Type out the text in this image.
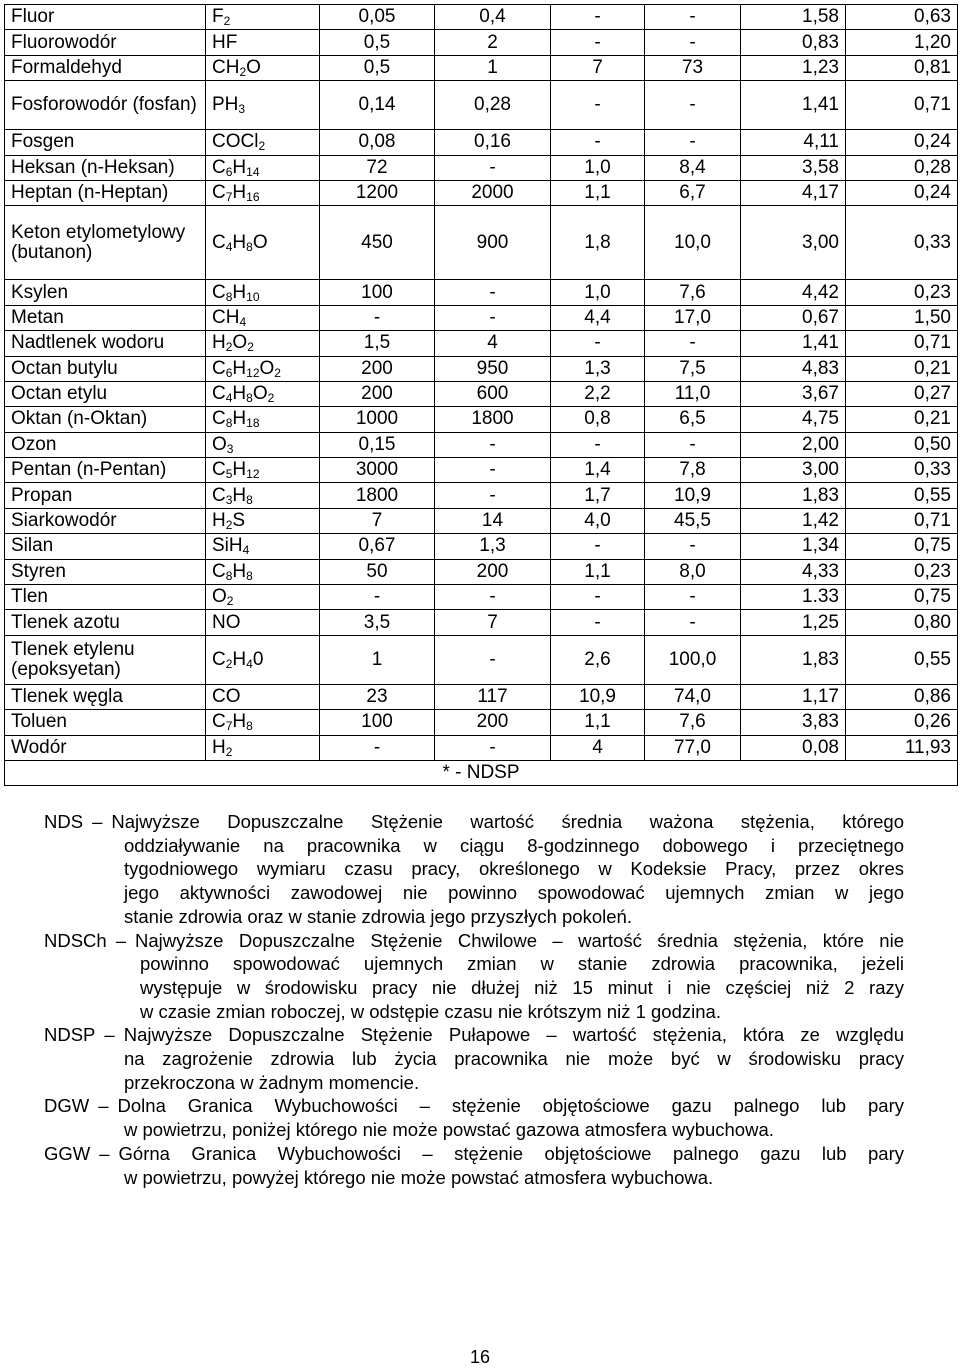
Fluor	$F_2$	0,05	0,4	-	-	1,58	0,63
Fluorowodór	HF	0,5	2	-	-	0,83	1,20
Formaldehyd	$CH_2O$	0,5	1	7	73	1,23	0,81
Fosforowodór (fosfan)	$PH_3$	0,14	0,28	-	-	1,41	0,71
Fosgen	COCl$_2$	0,08	0,16	-	-	4,11	0,24
Heksan (n-Heksan)	$C_6H_{14}$	72	-	1,0	8,4	3,58	0,28
Heptan (n-Heptan)	$C_7H_{16}$	1200	2000	1,1	6,7	4,17	0,24
Keton etylometylowy (butanon)	$C_4H_8O$	450	900	1,8	10,0	3,00	0,33
Ksylen	$C_8H_{10}$	100	-	1,0	7,6	4,42	0,23
Metan	$CH_4$	-	-	4,4	17,0	0,67	1,50
Nadtlenek wodoru	$H_2O_2$	1,5	4	-	-	1,41	0,71
Octan butylu	$C_6H_{12}O_2$	200	950	1,3	7,5	4,83	0,21
Octan etylu	$C_4H_8O_2$	200	600	2,2	11,0	3,67	0,27
Oktan (n-Oktan)	$C_8H_{18}$	1000	1800	0,8	6,5	4,75	0,21
Ozon	$O_3$	0,15	-	-	-	2,00	0,50
Pentan (n-Pentan)	$C_5H_{12}$	3000	-	1,4	7,8	3,00	0,33
Propan	$C_3H_8$	1800	-	1,7	10,9	1,83	0,55
Siarkowodór	$H_2S$	7	14	4,0	45,5	1,42	0,71
Silan	SiH$_4$	0,67	1,3	-	-	1,34	0,75
Styren	$C_8H_8$	50	200	1,1	8,0	4,33	0,23
Tlen	$O_2$	-	-	-	-	1.33	0,75
Tlenek azotu	NO	3,5	7	-	-	1,25	0,80
Tlenek etylenu (epoksyetan)	$C_2H_40$	1	-	2,6	100,0	1,83	0,55
Tlenek węgla	CO	23	117	10,9	74,0	1,17	0,86
Toluen	$C_7H_8$	100	200	1,1	7,6	3,83	0,26
Wodór	$H_2$	-	-	4	77,0	0,08	11,93
* - NDSP							
NDS – Najwyższe Dopuszczalne Stężenie wartość średnia ważona stężenia, którego
oddziaływanie na pracownika w ciągu 8-godzinnego dobowego i przeciętnego
tygodniowego wymiaru czasu pracy, określonego w Kodeksie Pracy, przez okres
jego aktywności zawodowej nie powinno spowodować ujemnych zmian w jego
stanie zdrowia oraz w stanie zdrowia jego przyszłych pokoleń.
NDSCh – Najwyższe Dopuszczalne Stężenie Chwilowe – wartość średnia stężenia, które nie
powinno spowodować ujemnych zmian w stanie zdrowia pracownika, jeżeli
występuje w środowisku pracy nie dłużej niż 15 minut i nie częściej niż 2 razy
w czasie zmian roboczej, w odstępie czasu nie krótszym niż 1 godzina.
NDSP – Najwyższe Dopuszczalne Stężenie Pułapowe – wartość stężenia, która ze względu
na zagrożenie zdrowia lub życia pracownika nie może być w środowisku pracy
przekroczona w żadnym momencie.
DGW – Dolna Granica Wybuchowości – stężenie objętościowe gazu palnego lub pary
w powietrzu, poniżej którego nie może powstać gazowa atmosfera wybuchowa.
GGW – Górna Granica Wybuchowości – stężenie objętościowe palnego gazu lub pary
w powietrzu, powyżej którego nie może powstać atmosfera wybuchowa.
16
